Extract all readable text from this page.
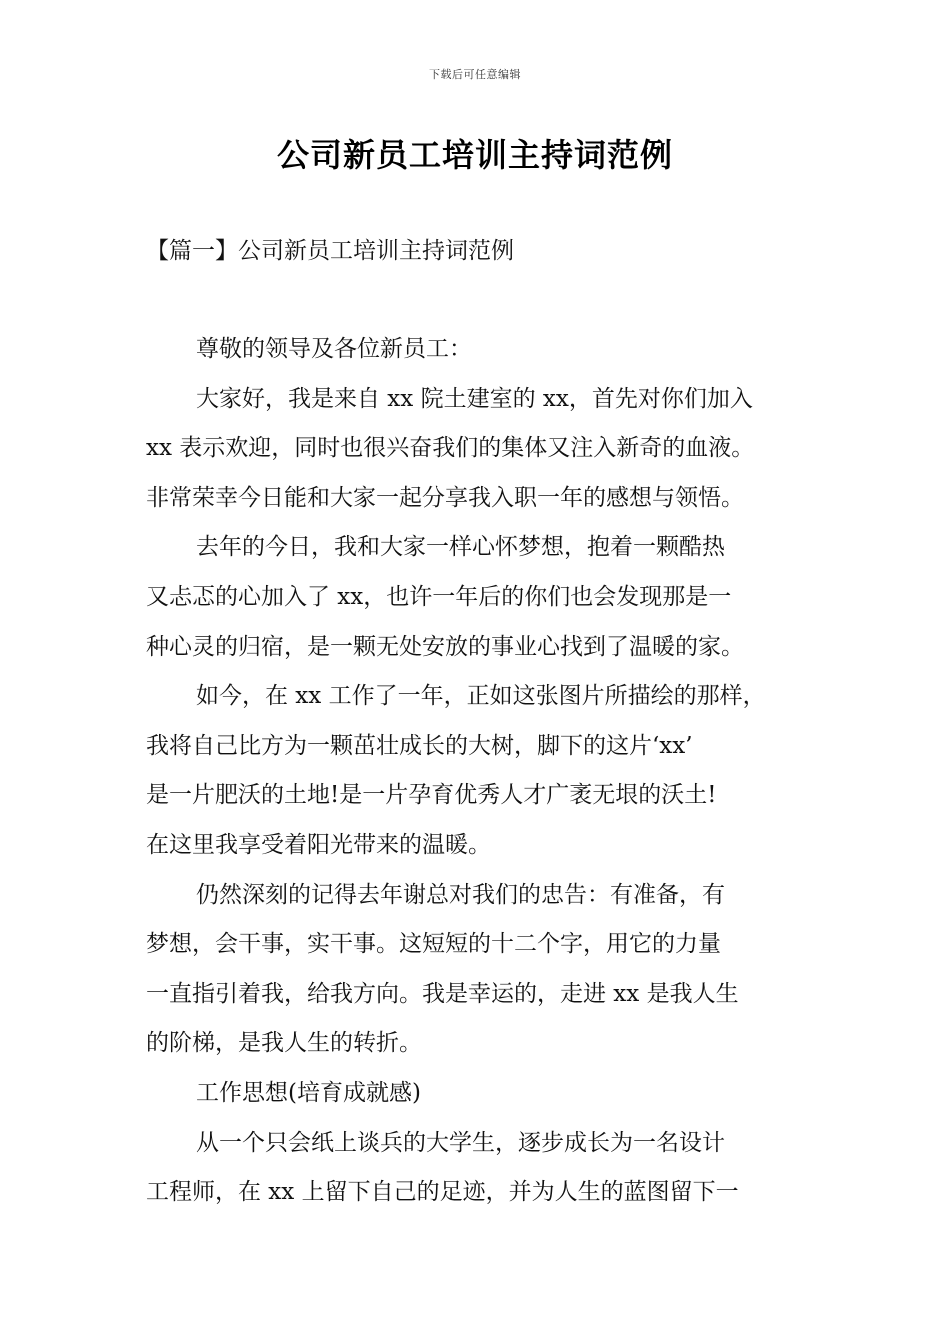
下载后可任意编辑
公司新员工培训主持词范例
【篇一】公司新员工培训主持词范例

尊敬的领导及各位新员工：

大家好，我是来自 xx 院土建室的 xx，首先对你们加入
xx 表示欢迎，同时也很兴奋我们的集体又注入新奇的血液。
非常荣幸今日能和大家一起分享我入职一年的感想与领悟。

去年的今日，我和大家一样心怀梦想，抱着一颗酷热
又忐忑的心加入了 xx，也许一年后的你们也会发现那是一
种心灵的归宿，是一颗无处安放的事业心找到了温暖的家。

如今，在 xx 工作了一年，正如这张图片所描绘的那样，
我将自己比方为一颗茁壮成长的大树，脚下的这片‘xx’
是一片肥沃的土地!是一片孕育优秀人才广袤无垠的沃土!
在这里我享受着阳光带来的温暖。

仍然深刻的记得去年谢总对我们的忠告：有准备，有
梦想，会干事，实干事。这短短的十二个字，用它的力量
一直指引着我，给我方向。我是幸运的，走进 xx 是我人生
的阶梯，是我人生的转折。

工作思想(培育成就感)

从一个只会纸上谈兵的大学生，逐步成长为一名设计
工程师，在 xx 上留下自己的足迹，并为人生的蓝图留下一
